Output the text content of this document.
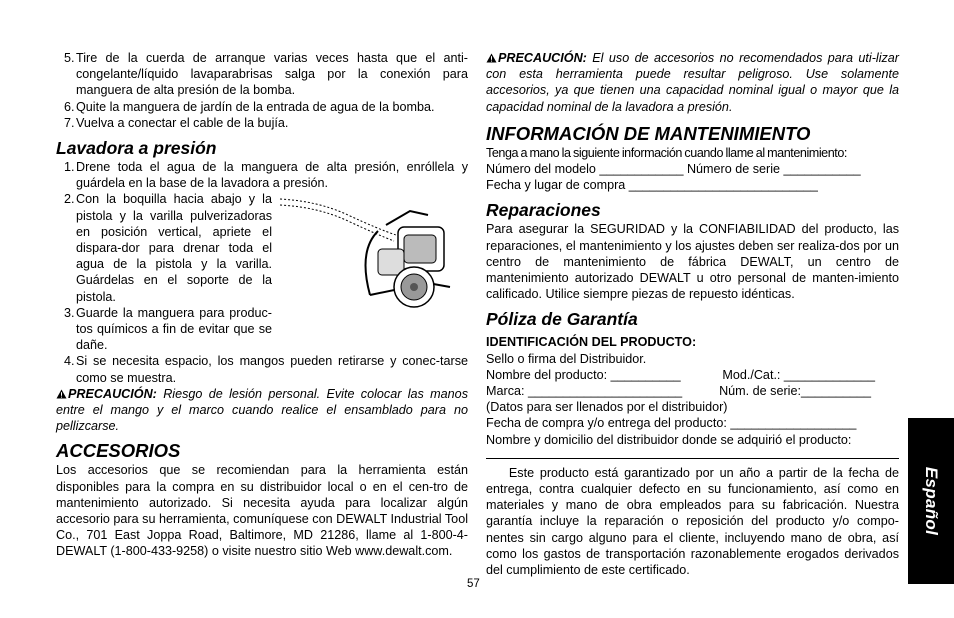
5. Tire de la cuerda de arranque varias veces hasta que el anti-congelante/líquido lavaparabrisas salga por la conexión para manguera de alta presión de la bomba.
6. Quite la manguera de jardín de la entrada de agua de la bomba.
7. Vuelva a conectar el cable de la bujía.
Lavadora a presión
1. Drene toda el agua de la manguera de alta presión, enróllela y guárdela en la base de la lavadora a presión.
2. Con la boquilla hacia abajo y la pistola y la varilla pulverizadoras en posición vertical, apriete el dispara-dor para drenar toda el agua de la pistola y la varilla. Guárdelas en el soporte de la pistola.
3. Guarde la manguera para produc-tos químicos a fin de evitar que se dañe.
4. Si se necesita espacio, los mangos pueden retirarse y conec-tarse como se muestra.
PRECAUCIÓN: Riesgo de lesión personal. Evite colocar las manos entre el mango y el marco cuando realice el ensamblado para no pellizcarse.
ACCESORIOS
Los accesorios que se recomiendan para la herramienta están disponibles para la compra en su distribuidor local o en el cen-tro de mantenimiento autorizado. Si necesita ayuda para localizar algún accesorio para su herramienta, comuníquese con DEWALT Industrial Tool Co., 701 East Joppa Road, Baltimore, MD 21286, llame al 1-800-4-DEWALT (1-800-433-9258) o visite nuestro sitio Web www.dewalt.com.
PRECAUCIÓN: El uso de accesorios no recomendados para uti-lizar con esta herramienta puede resultar peligroso. Use solamente accesorios, ya que tienen una capacidad nominal igual o mayor que la capacidad nominal de la lavadora a presión.
INFORMACIÓN DE MANTENIMIENTO
Tenga a mano la siguiente información cuando llame al mantenimiento:
Número del modelo ____________ Número de serie ___________
Fecha y lugar de compra ___________________________
Reparaciones
Para asegurar la SEGURIDAD y la CONFIABILIDAD del producto, las reparaciones, el mantenimiento y los ajustes deben ser realiza-dos por un centro de mantenimiento de fábrica DEWALT, un centro de mantenimiento autorizado DEWALT u otro personal de manten-imiento calificado. Utilice siempre piezas de repuesto idénticas.
Póliza de Garantía
IDENTIFICACIÓN DEL PRODUCTO:
Sello o firma del Distribuidor.
Nombre del producto: __________	Mod./Cat.: _____________
Marca: ______________________	Núm. de serie:__________
(Datos para ser llenados por el distribuidor)
Fecha de compra y/o entrega del producto: __________________
Nombre y domicilio del distribuidor donde se adquirió el producto:
Este producto está garantizado por un año a partir de la fecha de entrega, contra cualquier defecto en su funcionamiento, así como en materiales y mano de obra empleados para su fabricación. Nuestra garantía incluye la reparación o reposición del producto y/o compo-nentes sin cargo alguno para el cliente, incluyendo mano de obra, así como los gastos de transportación razonablemente erogados derivados del cumplimiento de este certificado.
Español
57
